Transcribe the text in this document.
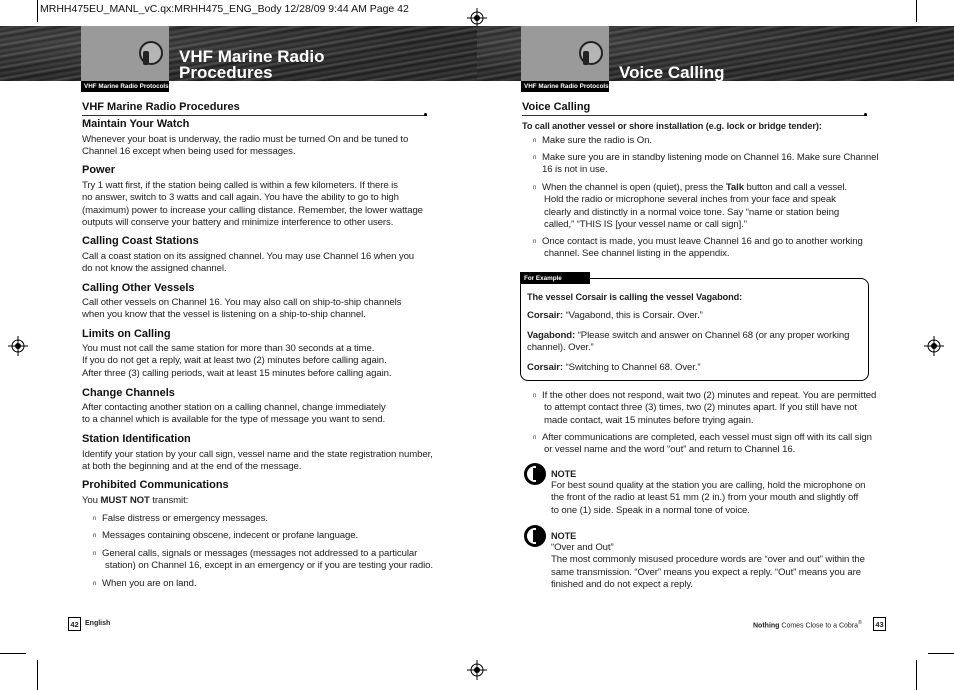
MRHH475EU_MANL_vC.qx:MRHH475_ENG_Body 12/28/09 9:44 AM Page 42
VHF Marine Radio Protocols
VHF Marine Radio
Procedures
VHF Marine Radio Procedures
Maintain Your Watch
Whenever your boat is underway, the radio must be turned On and be tuned to
Channel 16 except when being used for messages.
Power
Try 1 watt first, if the station being called is within a few kilometers. If there is
no answer, switch to 3 watts and call again. You have the ability to go to high
(maximum) power to increase your calling distance. Remember, the lower wattage
outputs will conserve your battery and minimize interference to other users.
Calling Coast Stations
Call a coast station on its assigned channel. You may use Channel 16 when you
do not know the assigned channel.
Calling Other Vessels
Call other vessels on Channel 16. You may also call on ship-to-ship channels
when you know that the vessel is listening on a ship-to-ship channel.
Limits on Calling
You must not call the same station for more than 30 seconds at a time.
If you do not get a reply, wait at least two (2) minutes before calling again.
After three (3) calling periods, wait at least 15 minutes before calling again.
Change Channels
After contacting another station on a calling channel, change immediately
to a channel which is available for the type of message you want to send.
Station Identification
Identify your station by your call sign, vessel name and the state registration number,
at both the beginning and at the end of the message.
Prohibited Communications
You MUST NOT transmit:
n False distress or emergency messages.
n Messages containing obscene, indecent or profane language.
n General calls, signals or messages (messages not addressed to a particular
station) on Channel 16, except in an emergency or if you are testing your radio.
n When you are on land.
42 English
VHF Marine Radio Protocols
Voice Calling
Voice Calling
To call another vessel or shore installation (e.g. lock or bridge tender):
n Make sure the radio is On.
n Make sure you are in standby listening mode on Channel 16. Make sure Channel
16 is not in use.
n When the channel is open (quiet), press the Talk button and call a vessel.
Hold the radio or microphone several inches from your face and speak
clearly and distinctly in a normal voice tone. Say “name or station being
called,” “THIS IS [your vessel name or call sign].”
n Once contact is made, you must leave Channel 16 and go to another working
channel. See channel listing in the appendix.
For Example
The vessel Corsair is calling the vessel Vagabond:
Corsair: “Vagabond, this is Corsair. Over.”
Vagabond: “Please switch and answer on Channel 68 (or any proper working
channel). Over.”
Corsair: “Switching to Channel 68. Over.”
n If the other does not respond, wait two (2) minutes and repeat. You are permitted
to attempt contact three (3) times, two (2) minutes apart. If you still have not
made contact, wait 15 minutes before trying again.
n After communications are completed, each vessel must sign off with its call sign
or vessel name and the word “out” and return to Channel 16.
NOTE
For best sound quality at the station you are calling, hold the microphone on
the front of the radio at least 51 mm (2 in.) from your mouth and slightly off
to one (1) side. Speak in a normal tone of voice.
NOTE
“Over and Out”
The most commonly misused procedure words are “over and out” within the
same transmission. “Over” means you expect a reply. “Out” means you are
finished and do not expect a reply.
Nothing Comes Close to a Cobra®	43
